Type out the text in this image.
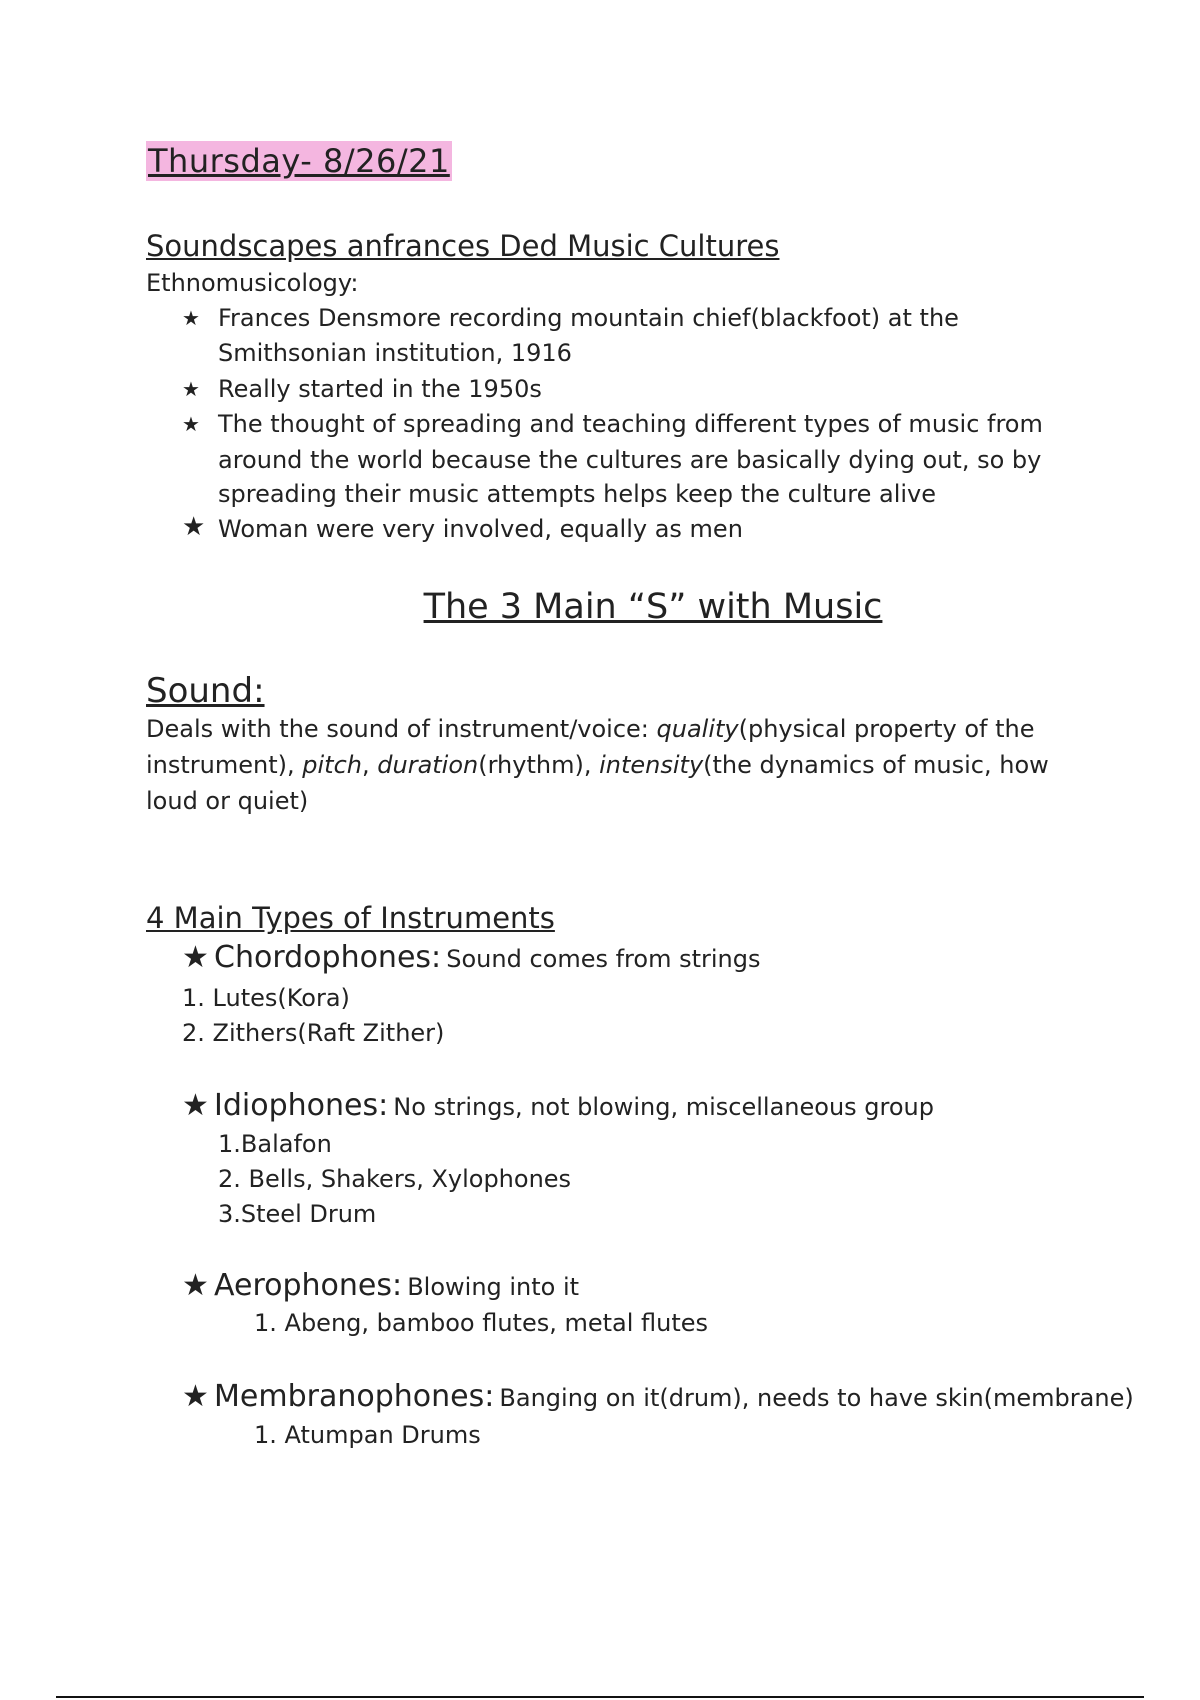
Thursday- 8/26/21
Soundscapes anfrances Ded Music Cultures
Ethnomusicology:
★ Frances Densmore recording mountain chief(blackfoot) at the
Smithsonian institution, 1916
★ Really started in the 1950s
★ The thought of spreading and teaching different types of music from
around the world because the cultures are basically dying out, so by
spreading their music attempts helps keep the culture alive
★ Woman were very involved, equally as men
The 3 Main “S” with Music
Sound:
Deals with the sound of instrument/voice: quality(physical property of the
instrument), pitch, duration(rhythm), intensity(the dynamics of music, how
loud or quiet)
4 Main Types of Instruments
★ Chordophones: Sound comes from strings
1. Lutes(Kora)
2. Zithers(Raft Zither)
★ Idiophones: No strings, not blowing, miscellaneous group
1.Balafon
2. Bells, Shakers, Xylophones
3.Steel Drum
★ Aerophones: Blowing into it
1. Abeng, bamboo flutes, metal flutes
★ Membranophones: Banging on it(drum), needs to have skin(membrane)
1. Atumpan Drums
